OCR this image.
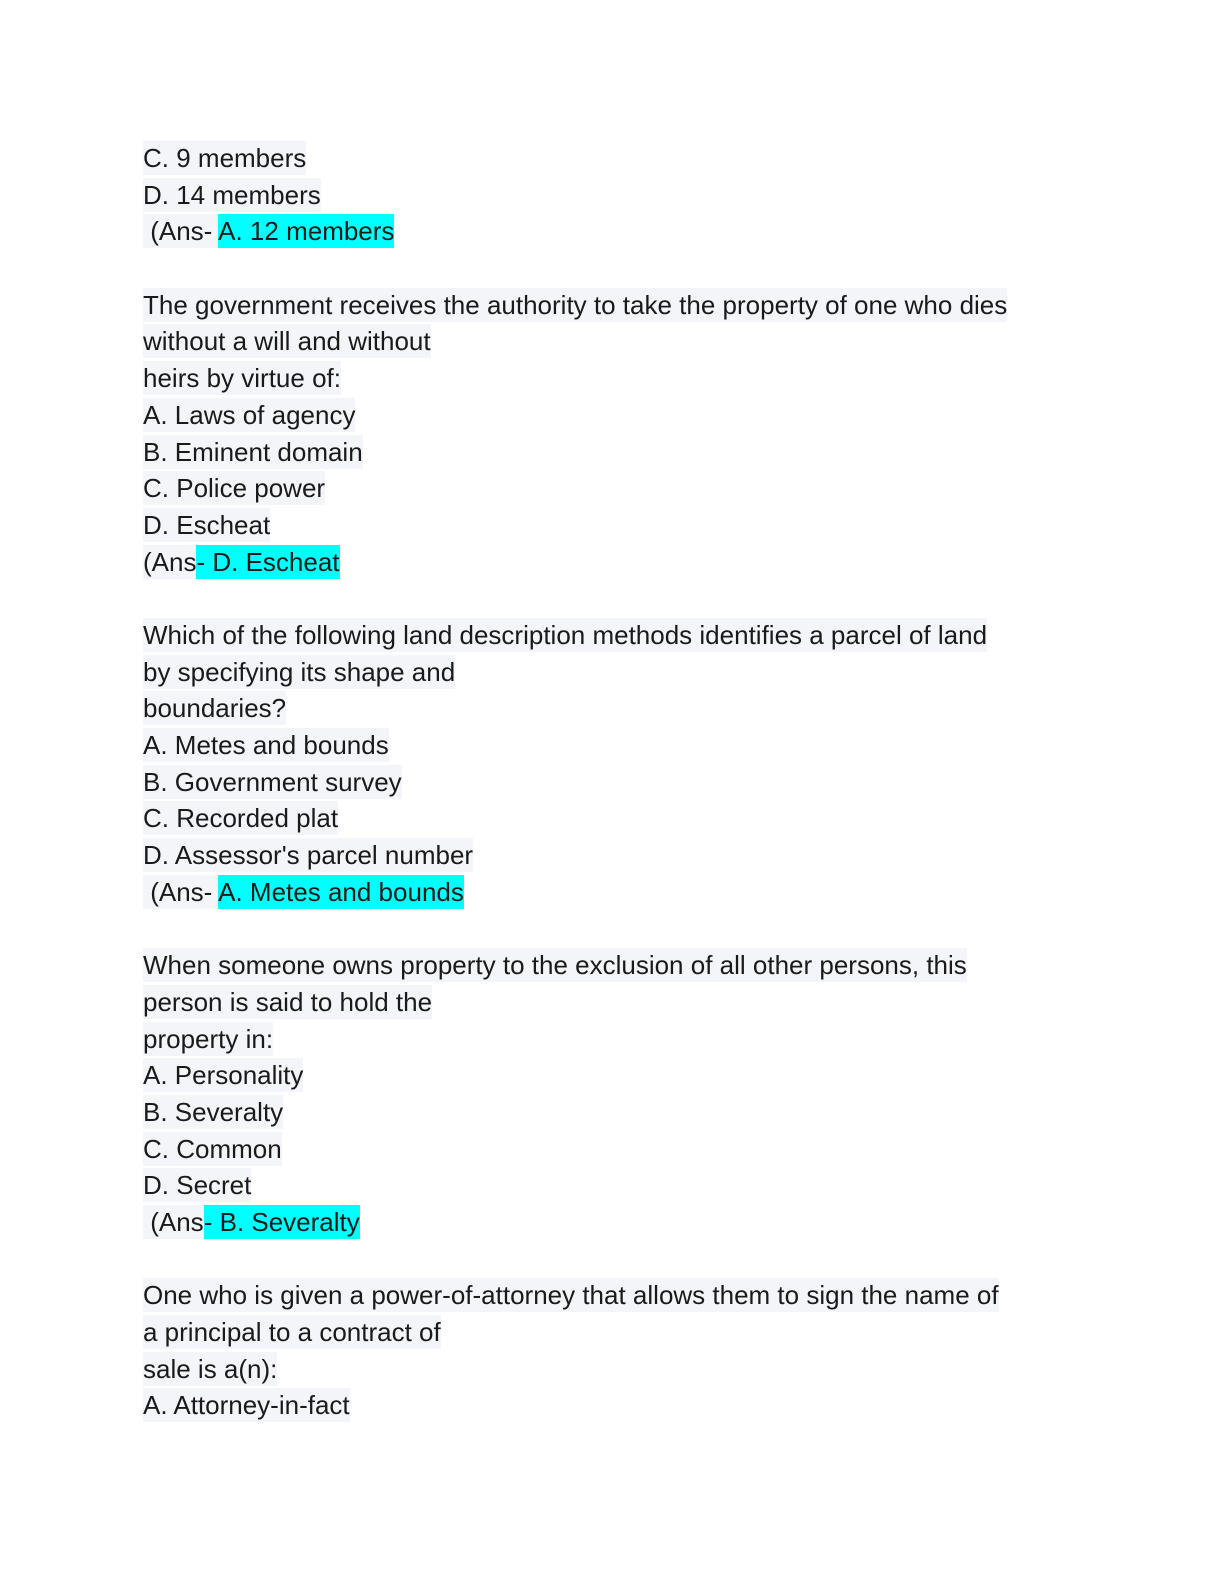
C. 9 members
D. 14 members
(Ans- A. 12 members
The government receives the authority to take the property of one who dies
without a will and without
heirs by virtue of:
A. Laws of agency
B. Eminent domain
C. Police power
D. Escheat
(Ans- D. Escheat
Which of the following land description methods identifies a parcel of land
by specifying its shape and
boundaries?
A. Metes and bounds
B. Government survey
C. Recorded plat
D. Assessor's parcel number
(Ans- A. Metes and bounds
When someone owns property to the exclusion of all other persons, this
person is said to hold the
property in:
A. Personality
B. Severalty
C. Common
D. Secret
(Ans- B. Severalty
One who is given a power-of-attorney that allows them to sign the name of
a principal to a contract of
sale is a(n):
A. Attorney-in-fact
